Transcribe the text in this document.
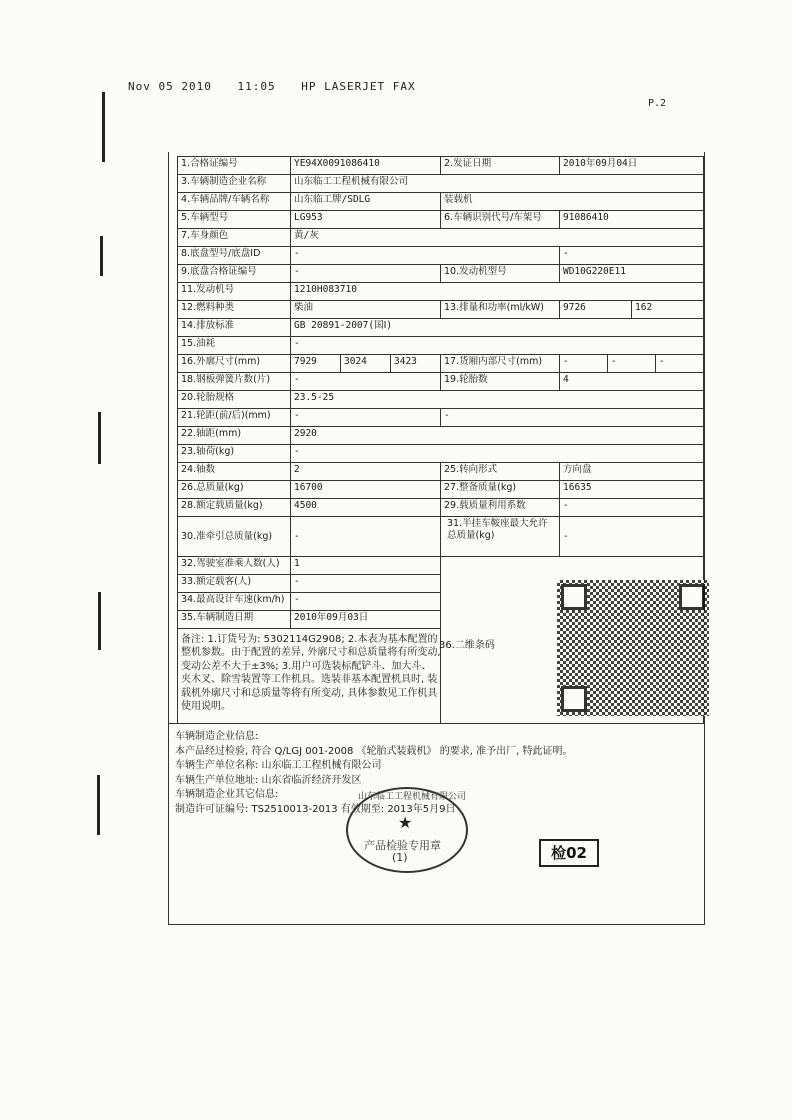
Nov 05 2010 11:05 HP LASERJET FAX
P.2
1.合格证编号	YE94X0091086410	2.发证日期	2010年09月04日
3.车辆制造企业名称	山东临工工程机械有限公司
4.车辆品牌/车辆名称	山东临工牌/SDLG	装载机
5.车辆型号	LG953	6.车辆识别代号/车架号	91086410
7.车身颜色	黄/灰
8.底盘型号/底盘ID	-	-
9.底盘合格证编号	-	10.发动机型号	WD10G220E11
11.发动机号	1210H083710
12.燃料种类	柴油	13.排量和功率(ml/kW)	9726	162
14.排放标准	GB 20891-2007(国Ⅰ)
15.油耗	-
16.外廓尺寸(mm)	7929	3024	3423	17.货厢内部尺寸(mm)	-	-	-
18.钢板弹簧片数(片)	-	19.轮胎数	4
20.轮胎规格	23.5-25
21.轮距(前/后)(mm)	-	-
22.轴距(mm)	2920
23.轴荷(kg)	-
24.轴数	2	25.转向形式	方向盘
26.总质量(kg)	16700	27.整备质量(kg)	16635
28.额定载质量(kg)	4500	29.载质量利用系数	-
30.准牵引总质量(kg)	-
31.半挂车鞍座最大允许总质量(kg)	-
32.驾驶室准乘人数(人)	1
33.额定载客(人)	-
34.最高设计车速(km/h)	-
35.车辆制造日期	2010年09月03日
备注: 1.订货号为: 5302114G2908; 2.本表为基本配置的整机参数。由于配置的差异, 外廓尺寸和总质量将有所变动, 变动公差不大于±3%; 3.用户可选装标配铲斗、加大斗、夹木叉、除雪装置等工作机具。选装非基本配置机具时, 装载机外廓尺寸和总质量等将有所变动, 具体参数见工作机具使用说明。
36.二维条码
车辆制造企业信息:
本产品经过检验, 符合 Q/LGJ 001-2008 《轮胎式装载机》 的要求, 准予出厂, 特此证明。
车辆生产单位名称: 山东临工工程机械有限公司
车辆生产单位地址: 山东省临沂经济开发区
车辆制造企业其它信息:
制造许可证编号: TS2510013-2013 有效期至: 2013年5月9日
山东临工工程机械有限公司
★
产品检验专用章
(1)	检02
